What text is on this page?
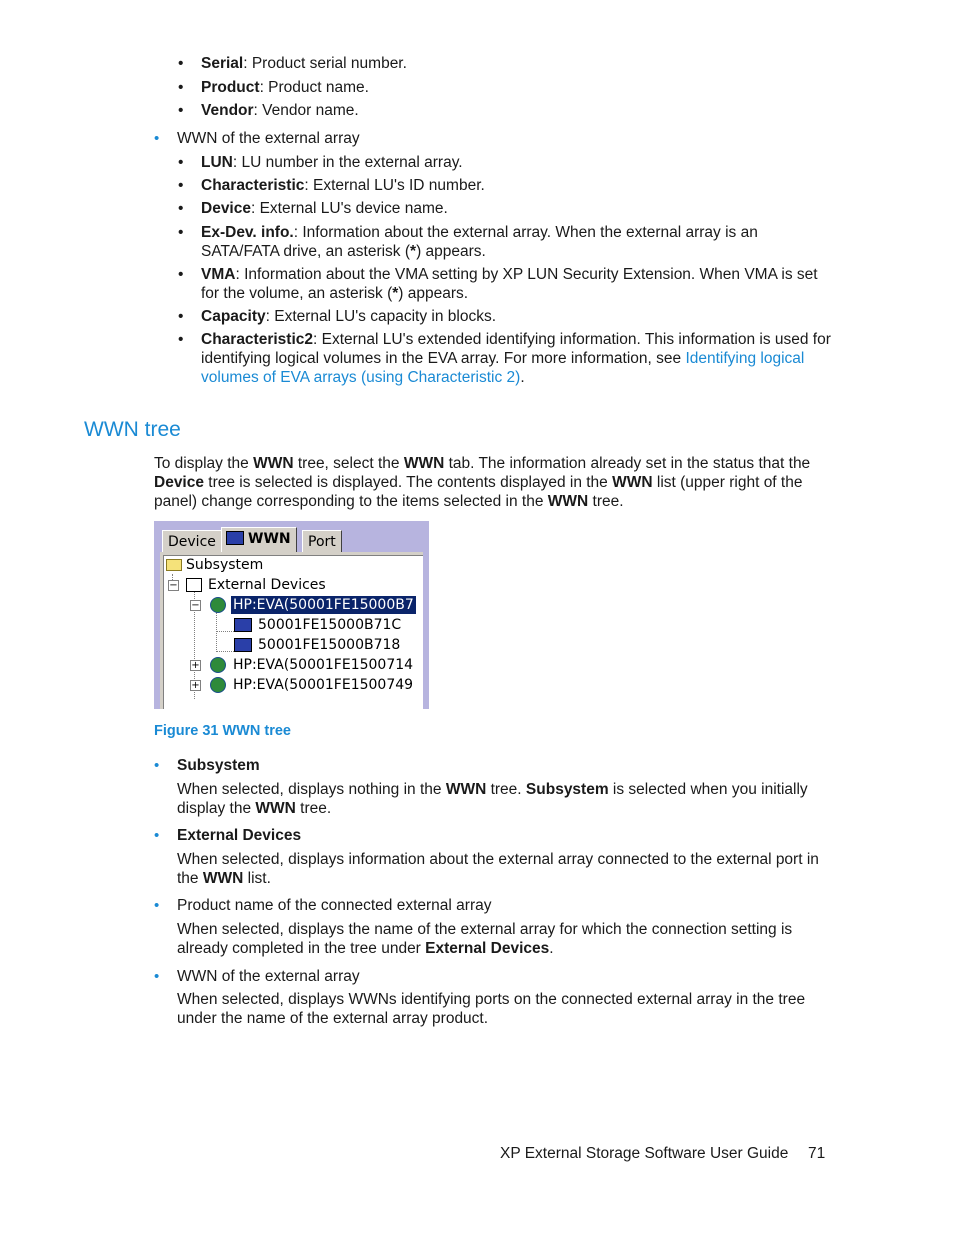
• Serial: Product serial number.
• Product: Product name.
• Vendor: Vendor name.
• WWN of the external array
• LUN: LU number in the external array.
• Characteristic: External LU's ID number.
• Device: External LU's device name.
• Ex-Dev. info.: Information about the external array. When the external array is an SATA/FATA drive, an asterisk (*) appears.
• VMA: Information about the VMA setting by XP LUN Security Extension. When VMA is set for the volume, an asterisk (*) appears.
• Capacity: External LU's capacity in blocks.
• Characteristic2: External LU's extended identifying information. This information is used for identifying logical volumes in the EVA array. For more information, see Identifying logical volumes of EVA arrays (using Characteristic 2).
WWN tree
To display the WWN tree, select the WWN tab. The information already set in the status that the Device tree is selected is displayed. The contents displayed in the WWN list (upper right of the panel) change corresponding to the items selected in the WWN tree.
Device	WWN	Port
Subsystem
− External Devices
− HP:EVA(50001FE15000B7
50001FE15000B71C
50001FE15000B718
+ HP:EVA(50001FE1500714
+ HP:EVA(50001FE1500749
Figure 31 WWN tree
• Subsystem
When selected, displays nothing in the WWN tree. Subsystem is selected when you initially display the WWN tree.
• External Devices
When selected, displays information about the external array connected to the external port in the WWN list.
• Product name of the connected external array
When selected, displays the name of the external array for which the connection setting is already completed in the tree under External Devices.
• WWN of the external array
When selected, displays WWNs identifying ports on the connected external array in the tree under the name of the external array product.
XP External Storage Software User Guide 71
